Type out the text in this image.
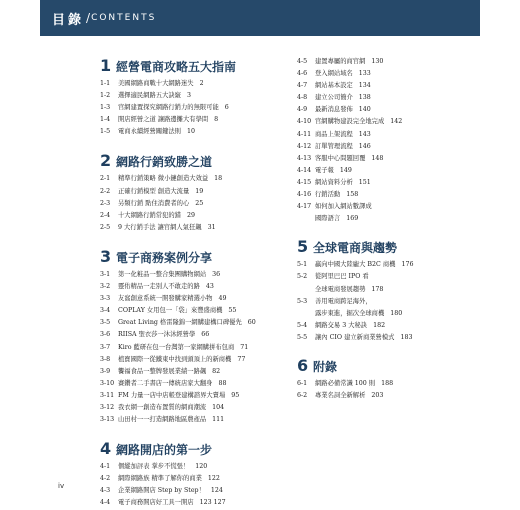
目錄 / CONTENTS
1 經營電商攻略五大指南
1-1	美國網路商戰十大網路迷失 2
1-2	選擇適民網路五大訣竅 3
1-3	官網建置探究網路行銷力的無限可能 6
1-4	開店經營之道 讓路邊攤大有學問 8
1-5	電商永續經營關鍵法則 10
2 網路行銷致勝之道
2-1	精準行銷策略 微小鏈創造大效益 18
2-2	正確行銷模型 創造大流量 19
2-3	另類行銷 點住消費者的心 25
2-4	十大網路行銷常犯的錯 29
2-5	9 大行銷手法 讓官網人氣狂飆 31
3 電子商務案例分享
3-1	第一化粧品一整合集團購物網站 36
3-2	靈佑精品一走別人不敢走的路 43
3-3	友窩創意系統一開發購家精選小物 49
3-4	COPLAY 女用包一「袋」來豐盛商機 55
3-5	Great Living 格雷隆錦一網購建構口碑優先 60
3-6	RIISA 聖衣莎一沐沐經營學 66
3-7	Kiro 藍研在包一台灣第一家網購拼布包商 71
3-8	植寶國際一從鐵東中找到頭頂上的新商機 77
3-9	饗福食品一整牌發展業績一路飆 82
3-10 賽鑽者二手書店一傳統店家大翻身 88
3-11 FM 力量一店中店帳登建構諮界大賣場 95
3-12 我衣網一創造布置質的網商潮流 104
3-13 山田村一一打造網路地區農產品 111
4 網路開店的第一步
4-1	個縱加評表 掌步不慌張！ 120
4-2	網際網路族 精準了解你的商業 122
4-3	企業網路開店 Step by Step！ 124
4-4	電子商務開店好工具一開店 123 127
4-5	建置專屬的商官網 130
4-6	登入網站域名 133
4-7	網站基本設定 134
4-8	建立公司簡介 138
4-9	最新消息發佈 140
4-10 官網購物建設完全地完成 142
4-11 商品上架流程 143
4-12 訂單管理流程 146
4-13 客服中心問題回覆 148
4-14 電子報 149
4-15 網站資料分析 151
4-16 行銷活動 158
4-17 如何加入網站數譯成
國際語言 169
5 全球電商與趨勢
5-1	贏向中國大陸龐大 B2C 商機 176
5-2	從阿里巴巴 IPO 看
全球電商發展趨勢 178
5-3	善用電商跨足海外，
露步東進，掘次全球商機 180
5-4	網路交易 3 大秘訣 182
5-5	讓內 CIO 建立新商業營模式 183
6 附錄
6-1	網路必備常識 100 則 188
6-2	專業名詞全新解析 203
iv
